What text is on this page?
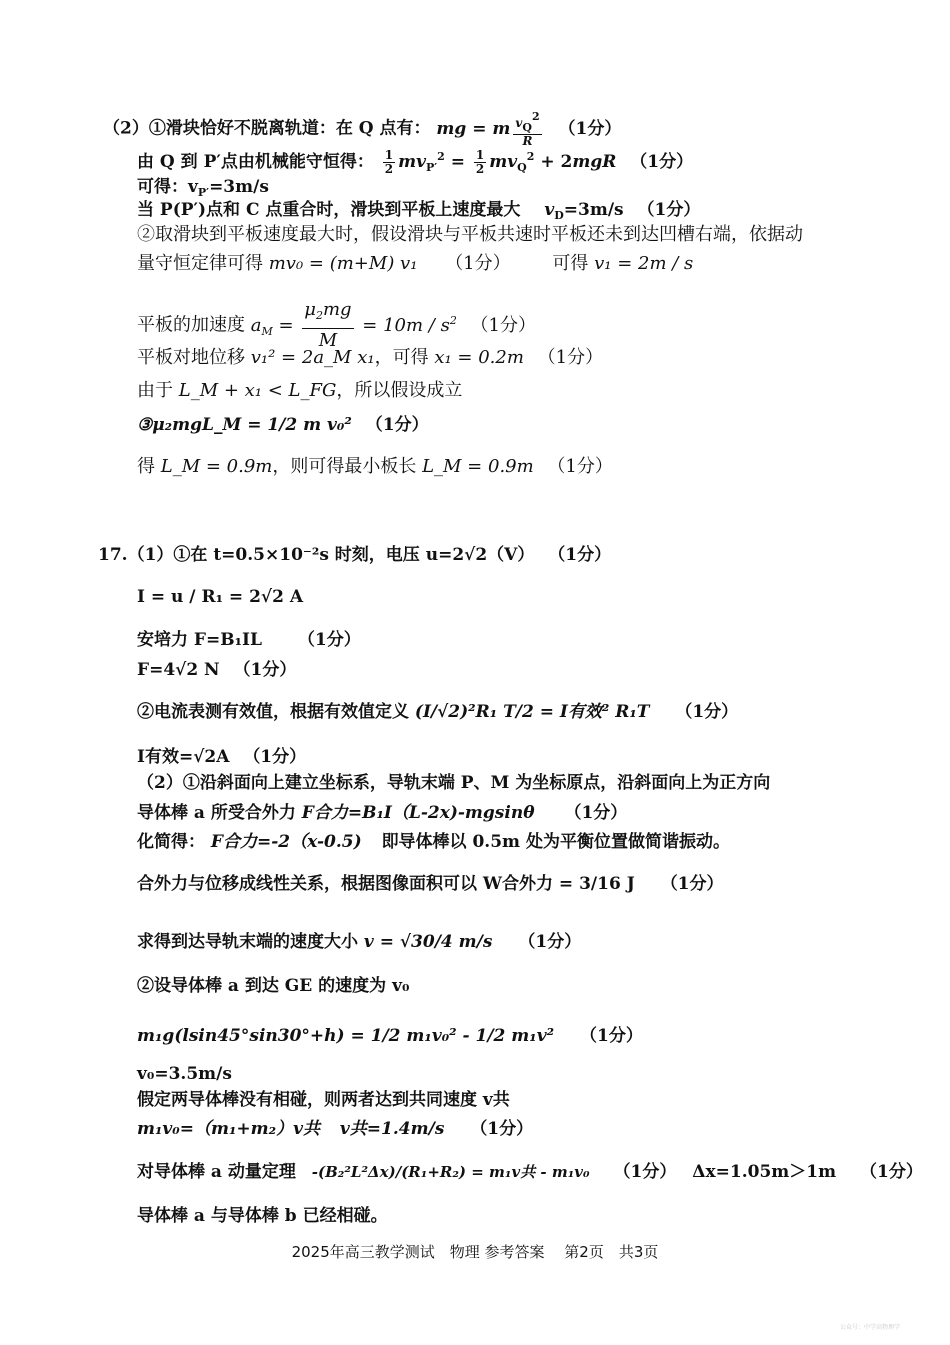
（2）①滑块恰好不脱离轨道：在 Q 点有： mg = m $\frac{vQ2}{R} (1$分）
由 Q 到 P′点由机械能守恒得： $\frac{1}{2} mv_{P'}^2 = \frac{1}{2} mv_Q^2 + 2mgR$ （1分）
可得：$v_{P'}=3m/s$
当 P(P′)点和 C 点重合时，滑块到平板上速度最大 $v_D=3m/s$ （1分）
②取滑块到平板速度最大时，假设滑块与平板共速时平板还未到达凹槽右端，依据动
量守恒定律可得 mv₀ = (m+M) v₁ （1分） 可得 v₁ = 2m / s
平板的加速度 $a_M = \frac{\mu_2mg}{M} = 10m / s^2$ （1分）
平板对地位移 v₁² = 2a_M x₁，可得 x₁ = 0.2m （1分）
由于 L_M + x₁ < L_FG，所以假设成立
③μ₂mgL_M = 1/2 m v₀² （1分）
得 L_M = 0.9m，则可得最小板长 L_M = 0.9m （1分）
17.（1）①在 t=0.5×10⁻²s 时刻，电压 u=2√2（V） （1分）
I = u / R₁ = 2√2 A
安培力 F=B₁IL （1分）
F=4√2 N （1分）
②电流表测有效值，根据有效值定义 (I/√2)²R₁ T/2 = I有效² R₁T （1分）
I有效=√2A （1分）
（2）①沿斜面向上建立坐标系，导轨末端 P、M 为坐标原点，沿斜面向上为正方向
导体棒 a 所受合外力 F合力=B₁I（L-2x)-mgsinθ （1分）
化简得： F合力=-2（x-0.5) 即导体棒以 0.5m 处为平衡位置做简谐振动。
合外力与位移成线性关系，根据图像面积可以 W合外力 = 3/16 J （1分）
求得到达导轨末端的速度大小 v = √30/4 m/s （1分）
②设导体棒 a 到达 GE 的速度为 v₀
m₁g(lsin45°sin30°+h) = 1/2 m₁v₀² - 1/2 m₁v² （1分）
v₀=3.5m/s
假定两导体棒没有相碰，则两者达到共同速度 v共
m₁v₀=（m₁+m₂）v共 v共=1.4m/s （1分）
对导体棒 a 动量定理 -(B₂²L²Δx)/(R₁+R₂) = m₁v共 - m₁v₀ （1分） Δx=1.05m＞1m （1分）
导体棒 a 与导体棒 b 已经相碰。
2025年高三教学测试　物理 参考答案　 第2页　共3页
公众号：中学高物理学
